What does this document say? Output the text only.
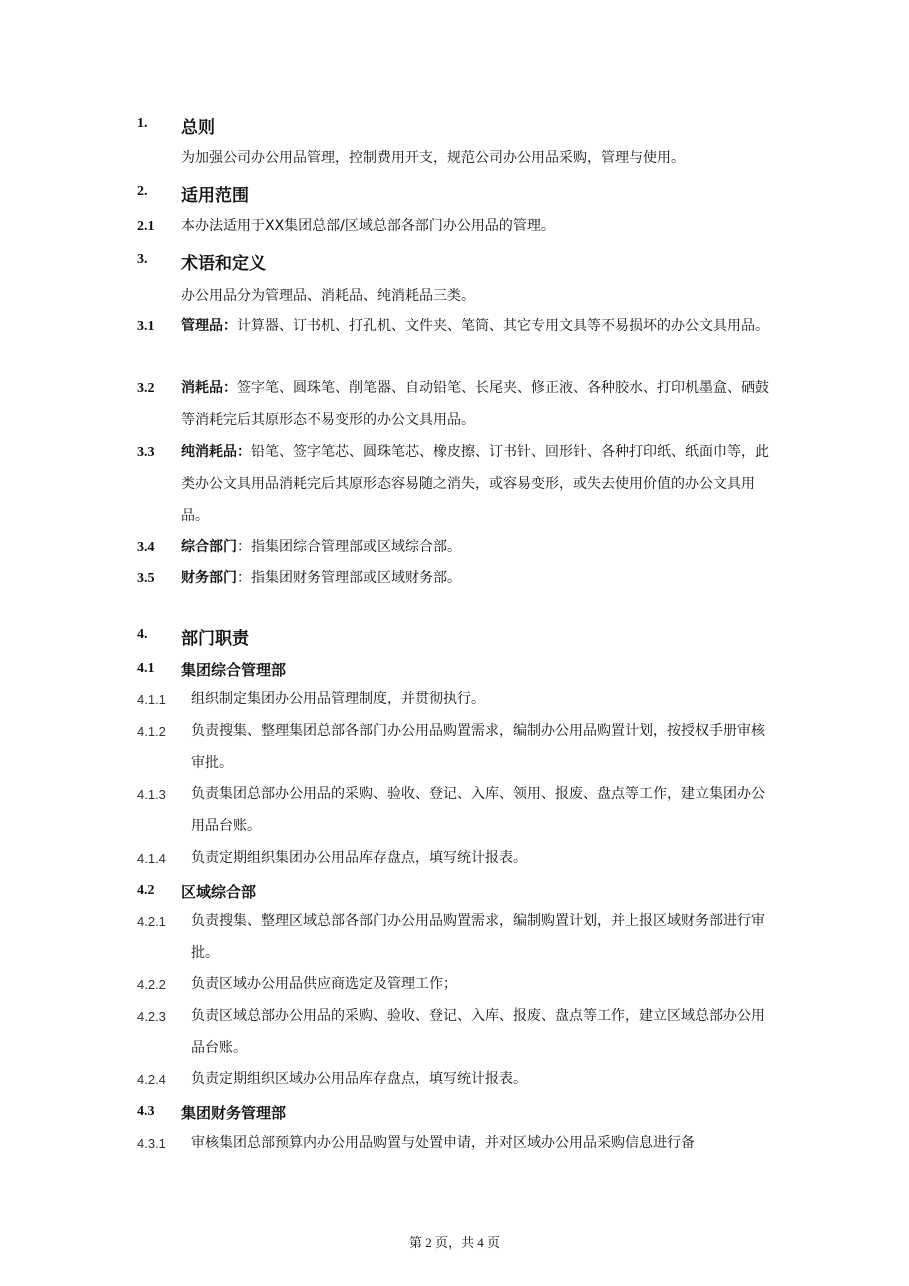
1. 总则
为加强公司办公用品管理，控制费用开支，规范公司办公用品采购，管理与使用。
2. 适用范围
2.1 本办法适用于XX集团总部/区域总部各部门办公用品的管理。
3. 术语和定义
办公用品分为管理品、消耗品、纯消耗品三类。
3.1 管理品：计算器、订书机、打孔机、文件夹、笔筒、其它专用文具等不易损坏的办公文具用品。
3.2 消耗品：签字笔、圆珠笔、削笔器、自动铅笔、长尾夹、修正液、各种胶水、打印机墨盒、硒鼓等消耗完后其原形态不易变形的办公文具用品。
3.3 纯消耗品：铅笔、签字笔芯、圆珠笔芯、橡皮擦、订书针、回形针、各种打印纸、纸面巾等，此类办公文具用品消耗完后其原形态容易随之消失，或容易变形，或失去使用价值的办公文具用品。
3.4 综合部门：指集团综合管理部或区域综合部。
3.5 财务部门：指集团财务管理部或区域财务部。
4. 部门职责
4.1 集团综合管理部
4.1.1 组织制定集团办公用品管理制度，并贯彻执行。
4.1.2 负责搜集、整理集团总部各部门办公用品购置需求，编制办公用品购置计划，按授权手册审核审批。
4.1.3 负责集团总部办公用品的采购、验收、登记、入库、领用、报废、盘点等工作，建立集团办公用品台账。
4.1.4 负责定期组织集团办公用品库存盘点，填写统计报表。
4.2 区域综合部
4.2.1 负责搜集、整理区域总部各部门办公用品购置需求，编制购置计划，并上报区域财务部进行审批。
4.2.2 负责区域办公用品供应商选定及管理工作；
4.2.3 负责区域总部办公用品的采购、验收、登记、入库、报废、盘点等工作，建立区域总部办公用品台账。
4.2.4 负责定期组织区域办公用品库存盘点，填写统计报表。
4.3 集团财务管理部
4.3.1 审核集团总部预算内办公用品购置与处置申请，并对区域办公用品采购信息进行备
第 2 页，共 4 页
